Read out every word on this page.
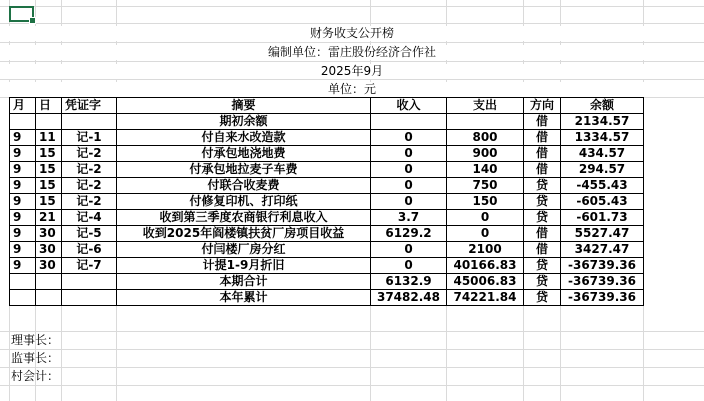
财务收支公开榜
编制单位：雷庄股份经济合作社
2025年9月
单位：元
月	日	凭证字	摘要	收入	支出	方向	余额
			期初余额			借	2134.57
9	11	记-1	付自来水改造款	0	800	借	1334.57
9	15	记-2	付承包地浇地费	0	900	借	434.57
9	15	记-2	付承包地拉麦子车费	0	140	借	294.57
9	15	记-2	付联合收麦费	0	750	贷	-455.43
9	15	记-2	付修复印机、打印纸	0	150	贷	-605.43
9	21	记-4	收到第三季度农商银行利息收入	3.7	0	贷	-601.73
9	30	记-5	收到2025年阎楼镇扶贫厂房项目收益	6129.2	0	借	5527.47
9	30	记-6	付闫楼厂房分红	0	2100	借	3427.47
9	30	记-7	计提1-9月折旧	0	40166.83	贷	-36739.36
			本期合计	6132.9	45006.83	贷	-36739.36
			本年累计	37482.48	74221.84	贷	-36739.36
理事长：
监事长：
村会计：
